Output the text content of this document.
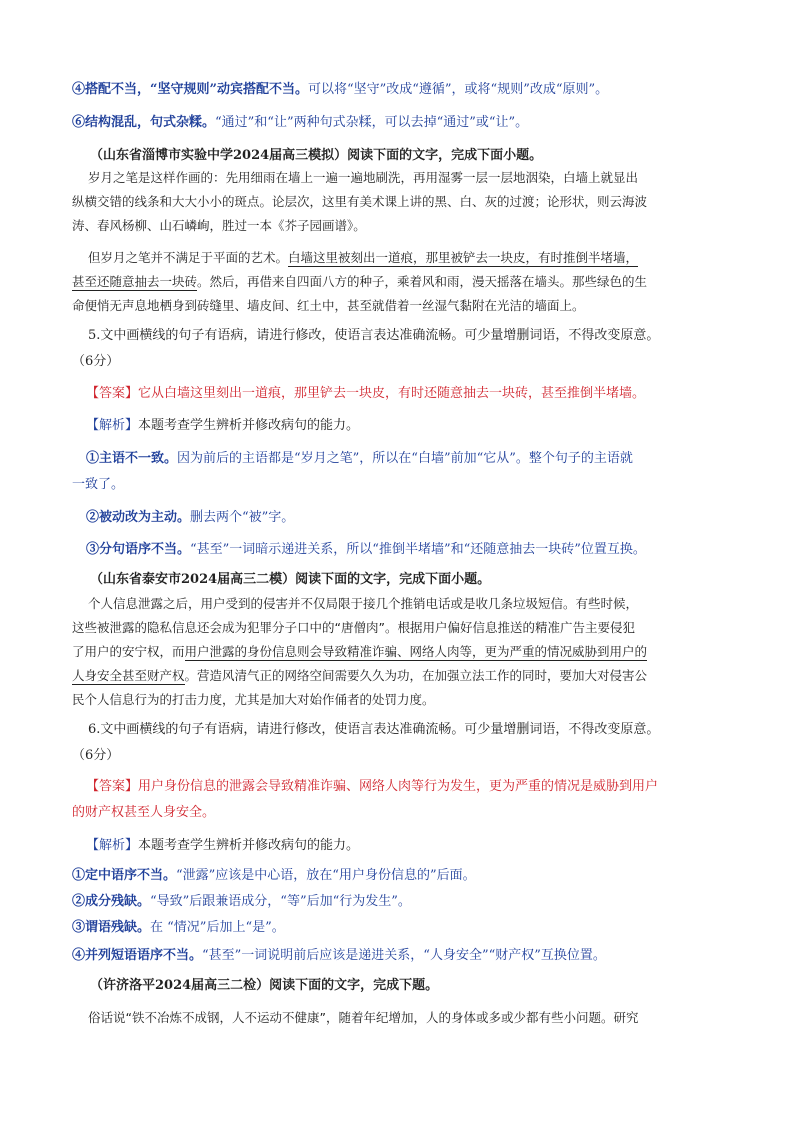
④搭配不当，“坚守规则”动宾搭配不当。可以将“坚守”改成“遵循”，或将“规则”改成“原则”。
⑥结构混乱，句式杂糅。“通过”和“让”两种句式杂糅，可以去掉“通过”或“让”。
（山东省淄博市实验中学2024届高三模拟）阅读下面的文字，完成下面小题。
岁月之笔是这样作画的：先用细雨在墙上一遍一遍地刷洗，再用湿雾一层一层地洇染，白墙上就显出
纵横交错的线条和大大小小的斑点。论层次，这里有美术课上讲的黑、白、灰的过渡；论形状，则云海波
涛、春风杨柳、山石嶙峋，胜过一本《芥子园画谱》。
但岁月之笔并不满足于平面的艺术。白墙这里被刻出一道痕，那里被铲去一块皮，有时推倒半堵墙，
甚至还随意抽去一块砖。然后，再借来自四面八方的种子，乘着风和雨，漫天摇落在墙头。那些绿色的生
命便悄无声息地栖身到砖缝里、墙皮间、红土中，甚至就借着一丝湿气黏附在光洁的墙面上。
5.文中画横线的句子有语病，请进行修改，使语言表达准确流畅。可少量增删词语，不得改变原意。
（6分）
【答案】它从白墙这里刻出一道痕，那里铲去一块皮，有时还随意抽去一块砖，甚至推倒半堵墙。
【解析】本题考查学生辨析并修改病句的能力。
①主语不一致。因为前后的主语都是“岁月之笔”，所以在“白墙”前加“它从”。整个句子的主语就
一致了。
②被动改为主动。删去两个“被”字。
③分句语序不当。“甚至”一词暗示递进关系，所以“推倒半堵墙”和“还随意抽去一块砖”位置互换。
（山东省泰安市2024届高三二模）阅读下面的文字，完成下面小题。
个人信息泄露之后，用户受到的侵害并不仅局限于接几个推销电话或是收几条垃圾短信。有些时候，
这些被泄露的隐私信息还会成为犯罪分子口中的“唐僧肉”。根据用户偏好信息推送的精准广告主要侵犯
了用户的安宁权，而用户泄露的身份信息则会导致精准诈骗、网络人肉等，更为严重的情况威胁到用户的
人身安全甚至财产权。营造风清气正的网络空间需要久久为功，在加强立法工作的同时，要加大对侵害公
民个人信息行为的打击力度，尤其是加大对始作俑者的处罚力度。
6.文中画横线的句子有语病，请进行修改，使语言表达准确流畅。可少量增删词语，不得改变原意。
（6分）
【答案】用户身份信息的泄露会导致精准诈骗、网络人肉等行为发生，更为严重的情况是威胁到用户
的财产权甚至人身安全。
【解析】本题考查学生辨析并修改病句的能力。
①定中语序不当。“泄露”应该是中心语，放在“用户身份信息的”后面。
②成分残缺。“导致”后跟兼语成分，“等”后加“行为发生”。
③谓语残缺。在 “情况”后加上“是”。
④并列短语语序不当。“甚至”一词说明前后应该是递进关系，“人身安全”“财产权”互换位置。
（许济洛平2024届高三二检）阅读下面的文字，完成下题。
俗话说“铁不冶炼不成钢，人不运动不健康”，随着年纪增加，人的身体或多或少都有些小问题。研究
